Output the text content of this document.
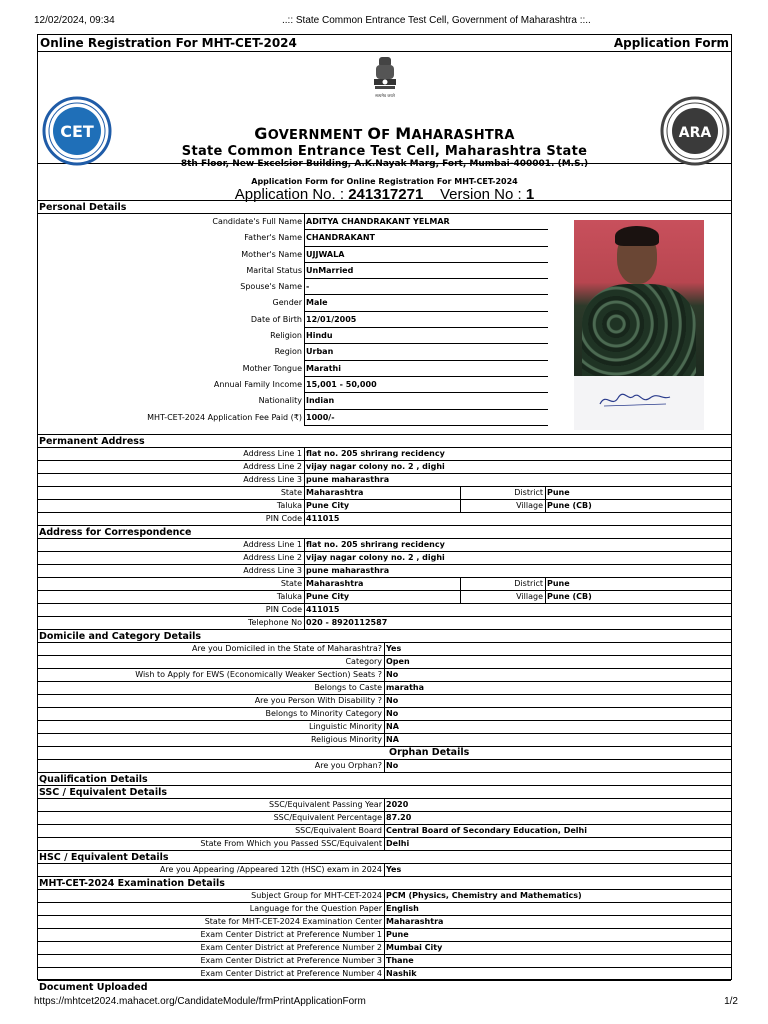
12/02/2024, 09:34	..:: State Common Entrance Test Cell, Government of Maharashtra ::..
Online Registration For MHT-CET-2024	Application Form
सत्यमेव जयते
CET	ARA
GOVERNMENT OF MAHARASHTRA
State Common Entrance Test Cell, Maharashtra State
8th Floor, New Excelsior Building, A.K.Nayak Marg, Fort, Mumbai-400001. (M.S.)
Application Form for Online Registration For MHT-CET-2024
Application No. : 241317271 Version No : 1
Personal Details
Candidate's Full Name ADITYA CHANDRAKANT YELMAR
Father's Name CHANDRAKANT
Mother's Name UJJWALA
Marital Status UnMarried
Spouse's Name -
Gender Male
Date of Birth 12/01/2005
Religion Hindu
Region Urban
Mother Tongue Marathi
Annual Family Income 15,001 - 50,000
Nationality Indian
MHT-CET-2024 Application Fee Paid (₹) 1000/-
Permanent Address
Address Line 1 flat no. 205 shrirang recidency
Address Line 2 vijay nagar colony no. 2 , dighi
Address Line 3 pune maharasthra
State Maharashtra	District Pune
Taluka Pune City	Village Pune (CB)
PIN Code 411015
Address for Correspondence
Address Line 1 flat no. 205 shrirang recidency
Address Line 2 vijay nagar colony no. 2 , dighi
Address Line 3 pune maharasthra
State Maharashtra	District Pune
Taluka Pune City	Village Pune (CB)
PIN Code 411015
Telephone No 020 - 8920112587
Domicile and Category Details
Are you Domiciled in the State of Maharashtra? Yes
Category Open
Wish to Apply for EWS (Economically Weaker Section) Seats ? No
Belongs to Caste maratha
Are you Person With Disability ? No
Belongs to Minority Category No
Linguistic Minority NA
Religious Minority NA
Orphan Details
Are you Orphan? No
Qualification Details
SSC / Equivalent Details
SSC/Equivalent Passing Year 2020
SSC/Equivalent Percentage 87.20
SSC/Equivalent Board Central Board of Secondary Education, Delhi
State From Which you Passed SSC/Equivalent Delhi
HSC / Equivalent Details
Are you Appearing /Appeared 12th (HSC) exam in 2024 Yes
MHT-CET-2024 Examination Details
Subject Group for MHT-CET-2024 PCM (Physics, Chemistry and Mathematics)
Language for the Question Paper English
State for MHT-CET-2024 Examination Center Maharashtra
Exam Center District at Preference Number 1 Pune
Exam Center District at Preference Number 2 Mumbai City
Exam Center District at Preference Number 3 Thane
Exam Center District at Preference Number 4 Nashik
Document Uploaded
https://mhtcet2024.mahacet.org/CandidateModule/frmPrintApplicationForm	1/2
